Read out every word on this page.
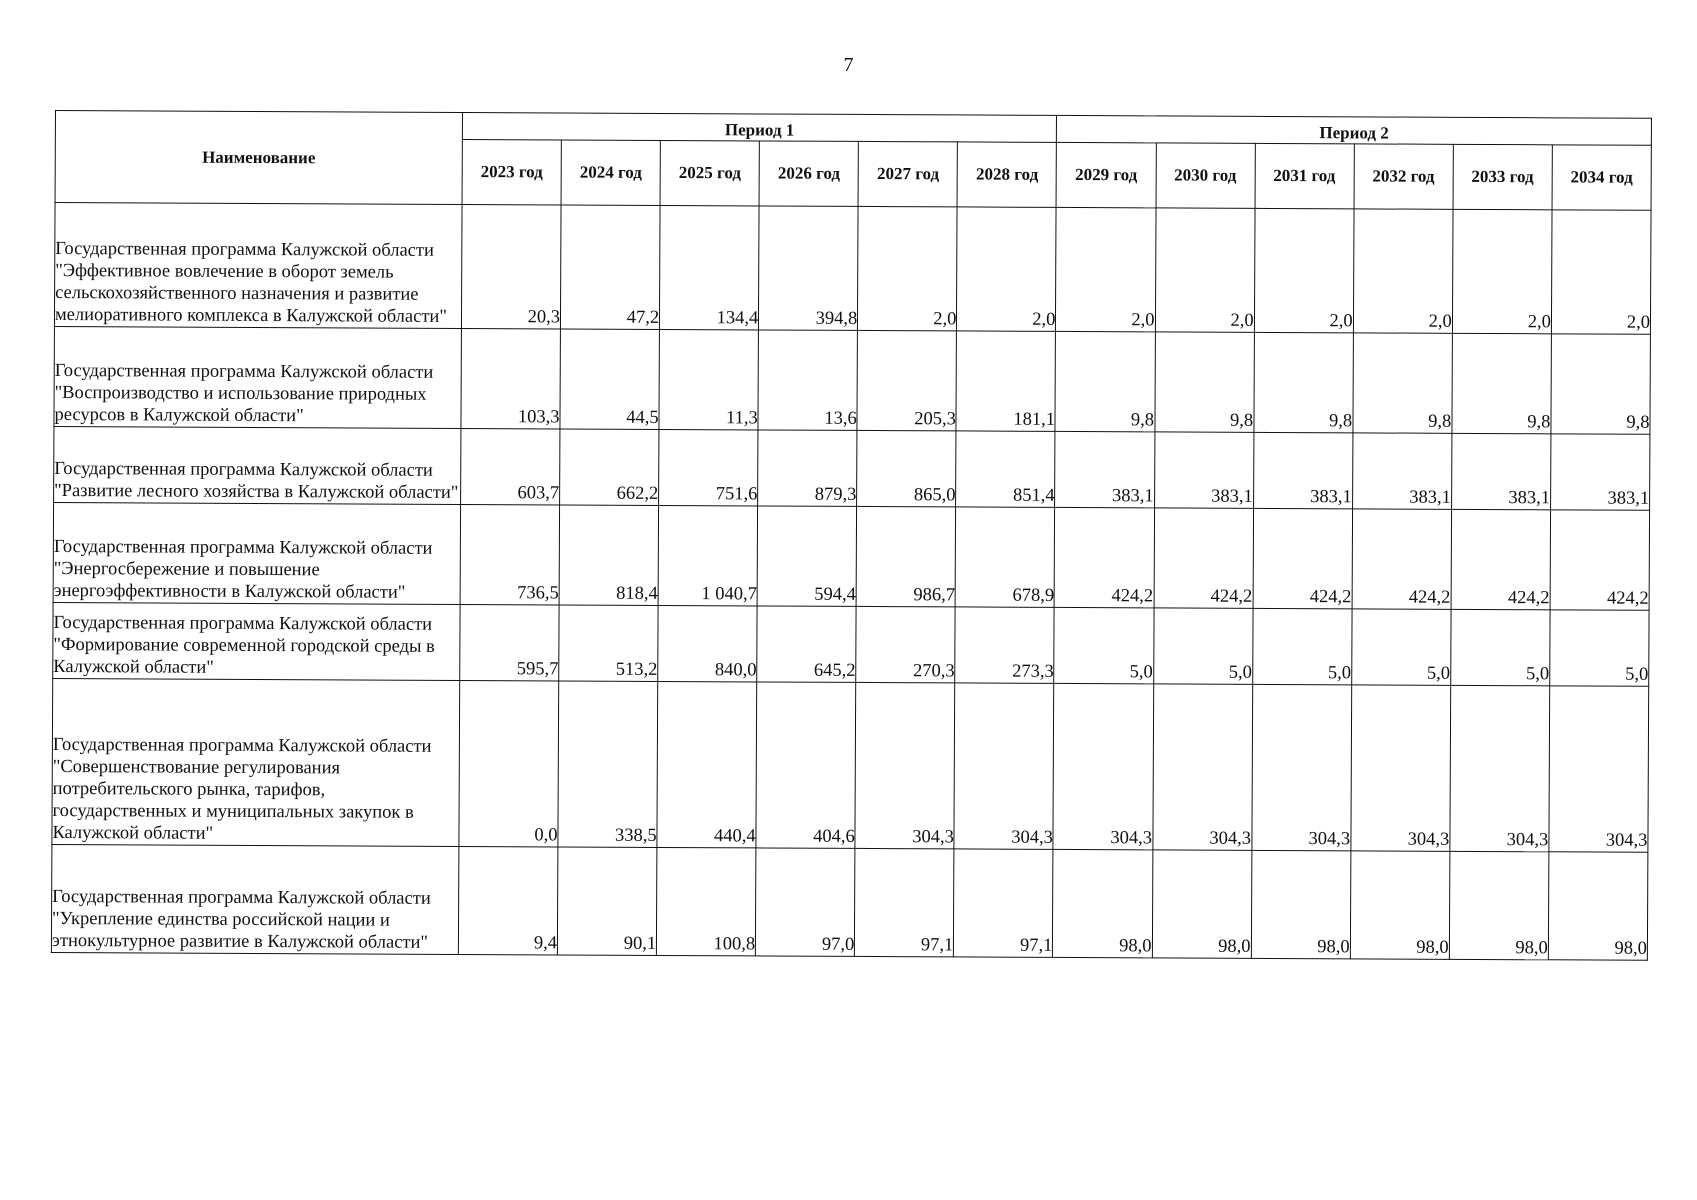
7
Наименование	Период 1						Период 2					
	2023 год	2024 год	2025 год	2026 год	2027 год	2028 год	2029 год	2030 год	2031 год	2032 год	2033 год	2034 год
Государственная программа Калужской области "Эффективное вовлечение в оборот земель сельскохозяйственного назначения и развитие мелиоративного комплекса в Калужской области"	20,3	47,2	134,4	394,8	2,0	2,0	2,0	2,0	2,0	2,0	2,0	2,0
Государственная программа Калужской области "Воспроизводство и использование природных ресурсов в Калужской области"	103,3	44,5	11,3	13,6	205,3	181,1	9,8	9,8	9,8	9,8	9,8	9,8
Государственная программа Калужской области "Развитие лесного хозяйства в Калужской области"	603,7	662,2	751,6	879,3	865,0	851,4	383,1	383,1	383,1	383,1	383,1	383,1
Государственная программа Калужской области "Энергосбережение и повышение энергоэффективности в Калужской области"	736,5	818,4	1 040,7	594,4	986,7	678,9	424,2	424,2	424,2	424,2	424,2	424,2
Государственная программа Калужской области "Формирование современной городской среды в Калужской области"	595,7	513,2	840,0	645,2	270,3	273,3	5,0	5,0	5,0	5,0	5,0	5,0
Государственная программа Калужской области "Совершенствование регулирования потребительского рынка, тарифов, государственных и муниципальных закупок в Калужской области"	0,0	338,5	440,4	404,6	304,3	304,3	304,3	304,3	304,3	304,3	304,3	304,3
Государственная программа Калужской области "Укрепление единства российской нации и этнокультурное развитие в Калужской области"	9,4	90,1	100,8	97,0	97,1	97,1	98,0	98,0	98,0	98,0	98,0	98,0
